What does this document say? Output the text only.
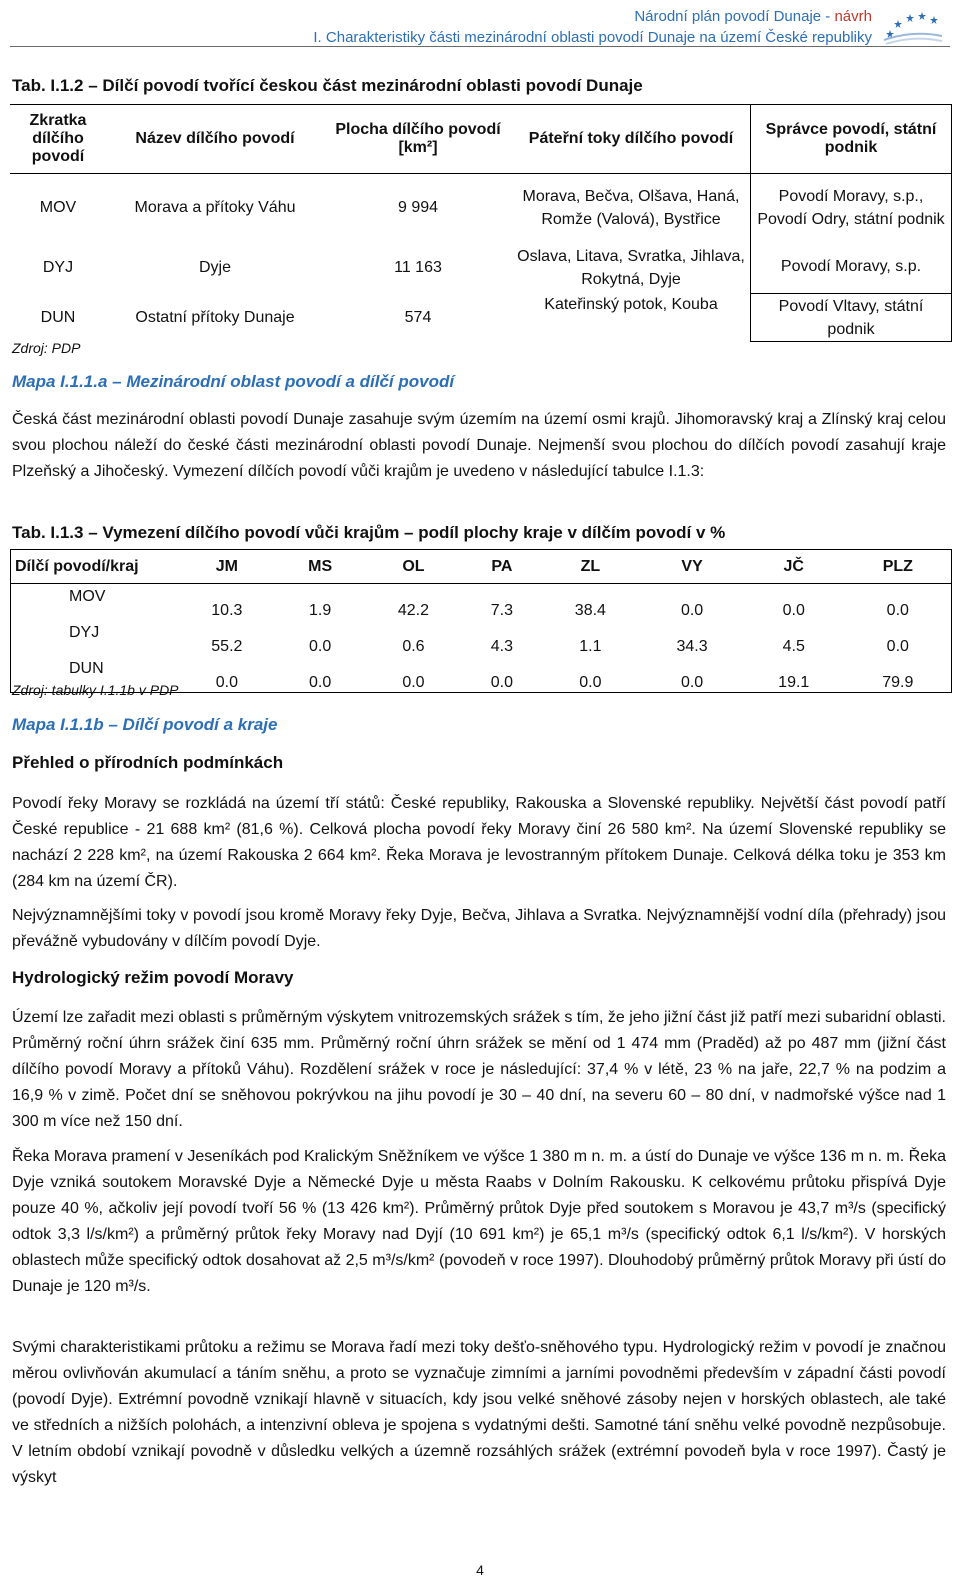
Národní plán povodí Dunaje - návrh
I. Charakteristiky části mezinárodní oblasti povodí Dunaje na území České republiky
Tab. I.1.2 – Dílčí povodí tvořící českou část mezinárodní oblasti povodí Dunaje
Zkratka dílčího povodí	Název dílčího povodí	Plocha dílčího povodí [km²]	Páteřní toky dílčího povodí	Správce povodí, státní podnik
MOV	Morava a přítoky Váhu	9 994	Morava, Bečva, Olšava, Haná, Romže (Valová), Bystřice	Povodí Moravy, s.p., Povodí Odry, státní podnik
DYJ	Dyje	11 163	Oslava, Litava, Svratka, Jihlava, Rokytná, Dyje	Povodí Moravy, s.p.
DUN	Ostatní přítoky Dunaje	574	Kateřinský potok, Kouba	Povodí Vltavy, státní podnik
Zdroj: PDP
Mapa I.1.1.a – Mezinárodní oblast povodí a dílčí povodí
Česká část mezinárodní oblasti povodí Dunaje zasahuje svým územím na území osmi krajů. Jihomoravský kraj a Zlínský kraj celou svou plochou náleží do české části mezinárodní oblasti povodí Dunaje. Nejmenší svou plochou do dílčích povodí zasahují kraje Plzeňský a Jihočeský. Vymezení dílčích povodí vůči krajům je uvedeno v následující tabulce I.1.3:
Tab. I.1.3 – Vymezení dílčího povodí vůči krajům – podíl plochy kraje v dílčím povodí v %
Dílčí povodí/kraj	JM	MS	OL	PA	ZL	VY	JČ	PLZ
MOV	10.3	1.9	42.2	7.3	38.4	0.0	0.0	0.0
DYJ	55.2	0.0	0.6	4.3	1.1	34.3	4.5	0.0
DUN	0.0	0.0	0.0	0.0	0.0	0.0	19.1	79.9
Zdroj: tabulky I.1.1b v PDP
Mapa I.1.1b – Dílčí povodí a kraje
Přehled o přírodních podmínkách
Povodí řeky Moravy se rozkládá na území tří států: České republiky, Rakouska a Slovenské republiky. Největší část povodí patří České republice - 21 688 km² (81,6 %). Celková plocha povodí řeky Moravy činí 26 580 km². Na území Slovenské republiky se nachází 2 228 km², na území Rakouska 2 664 km². Řeka Morava je levostranným přítokem Dunaje. Celková délka toku je 353 km (284 km na území ČR).
Nejvýznamnějšími toky v povodí jsou kromě Moravy řeky Dyje, Bečva, Jihlava a Svratka. Nejvýznamnější vodní díla (přehrady) jsou převážně vybudovány v dílčím povodí Dyje.
Hydrologický režim povodí Moravy
Území lze zařadit mezi oblasti s průměrným výskytem vnitrozemských srážek s tím, že jeho jižní část již patří mezi subaridní oblasti. Průměrný roční úhrn srážek činí 635 mm. Průměrný roční úhrn srážek se mění od 1 474 mm (Praděd) až po 487 mm (jižní část dílčího povodí Moravy a přítoků Váhu). Rozdělení srážek v roce je následující: 37,4 % v létě, 23 % na jaře, 22,7 % na podzim a 16,9 % v zimě. Počet dní se sněhovou pokrývkou na jihu povodí je 30 – 40 dní, na severu 60 – 80 dní, v nadmořské výšce nad 1 300 m více než 150 dní.
Řeka Morava pramení v Jeseníkách pod Kralickým Sněžníkem ve výšce 1 380 m n. m. a ústí do Dunaje ve výšce 136 m n. m. Řeka Dyje vzniká soutokem Moravské Dyje a Německé Dyje u města Raabs v Dolním Rakousku. K celkovému průtoku přispívá Dyje pouze 40 %, ačkoliv její povodí tvoří 56 % (13 426 km²). Průměrný průtok Dyje před soutokem s Moravou je 43,7 m³/s (specifický odtok 3,3 l/s/km²) a průměrný průtok řeky Moravy nad Dyjí (10 691 km²) je 65,1 m³/s (specifický odtok 6,1 l/s/km²). V horských oblastech může specifický odtok dosahovat až 2,5 m³/s/km² (povodeň v roce 1997). Dlouhodobý průměrný průtok Moravy při ústí do Dunaje je 120 m³/s.
Svými charakteristikami průtoku a režimu se Morava řadí mezi toky dešťo-sněhového typu. Hydrologický režim v povodí je značnou měrou ovlivňován akumulací a táním sněhu, a proto se vyznačuje zimními a jarními povodněmi především v západní části povodí (povodí Dyje). Extrémní povodně vznikají hlavně v situacích, kdy jsou velké sněhové zásoby nejen v horských oblastech, ale také ve středních a nižších polohách, a intenzivní obleva je spojena s vydatnými dešti. Samotné tání sněhu velké povodně nezpůsobuje. V letním období vznikají povodně v důsledku velkých a územně rozsáhlých srážek (extrémní povodeň byla v roce 1997). Častý je výskyt
4
